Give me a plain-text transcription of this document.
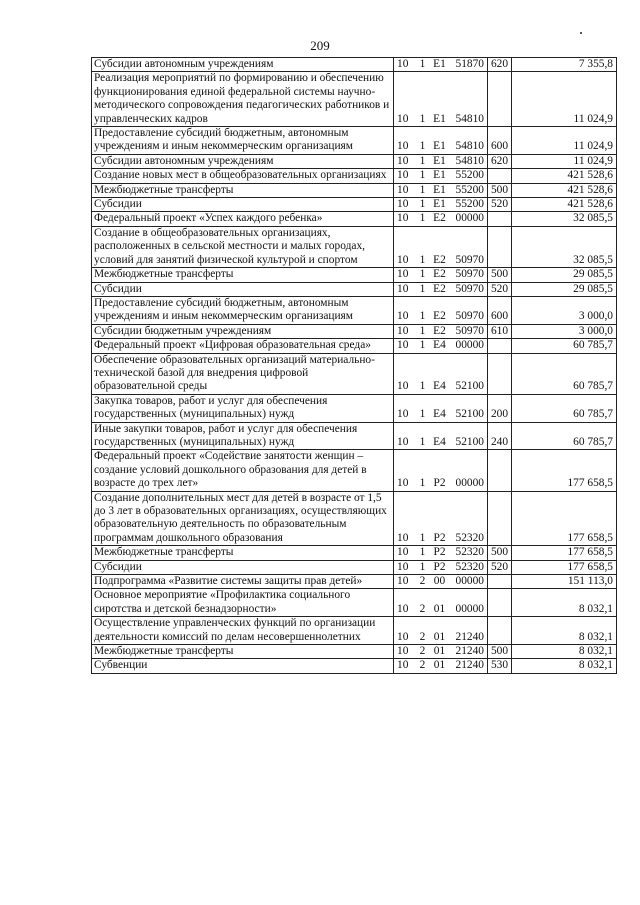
209
Субсидии автономным учреждениям	10	1	E1	51870	620	7 355,8
Реализация мероприятий по формированию и обеспечению функционирования единой федеральной системы научно-методического сопровождения педагогических работников и управленческих кадров	10	1	E1	54810		11 024,9
Предоставление субсидий бюджетным, автономным учреждениям и иным некоммерческим организациям	10	1	E1	54810	600	11 024,9
Субсидии автономным учреждениям	10	1	E1	54810	620	11 024,9
Создание новых мест в общеобразовательных организациях	10	1	E1	55200		421 528,6
Межбюджетные трансферты	10	1	E1	55200	500	421 528,6
Субсидии	10	1	E1	55200	520	421 528,6
Федеральный проект «Успех каждого ребенка»	10	1	E2	00000		32 085,5
Создание в общеобразовательных организациях, расположенных в сельской местности и малых городах, условий для занятий физической культурой и спортом	10	1	E2	50970		32 085,5
Межбюджетные трансферты	10	1	E2	50970	500	29 085,5
Субсидии	10	1	E2	50970	520	29 085,5
Предоставление субсидий бюджетным, автономным учреждениям и иным некоммерческим организациям	10	1	E2	50970	600	3 000,0
Субсидии бюджетным учреждениям	10	1	E2	50970	610	3 000,0
Федеральный проект «Цифровая образовательная среда»	10	1	E4	00000		60 785,7
Обеспечение образовательных организаций материально-технической базой для внедрения цифровой образовательной среды	10	1	E4	52100		60 785,7
Закупка товаров, работ и услуг для обеспечения государственных (муниципальных) нужд	10	1	E4	52100	200	60 785,7
Иные закупки товаров, работ и услуг для обеспечения государственных (муниципальных) нужд	10	1	E4	52100	240	60 785,7
Федеральный проект «Содействие занятости женщин – создание условий дошкольного образования для детей в возрасте до трех лет»	10	1	P2	00000		177 658,5
Создание дополнительных мест для детей в возрасте от 1,5 до 3 лет в образовательных организациях, осуществляющих образовательную деятельность по образовательным программам дошкольного образования	10	1	P2	52320		177 658,5
Межбюджетные трансферты	10	1	P2	52320	500	177 658,5
Субсидии	10	1	P2	52320	520	177 658,5
Подпрограмма «Развитие системы защиты прав детей»	10	2	00	00000		151 113,0
Основное мероприятие «Профилактика социального сиротства и детской безнадзорности»	10	2	01	00000		8 032,1
Осуществление управленческих функций по организации деятельности комиссий по делам несовершеннолетних	10	2	01	21240		8 032,1
Межбюджетные трансферты	10	2	01	21240	500	8 032,1
Субвенции	10	2	01	21240	530	8 032,1
